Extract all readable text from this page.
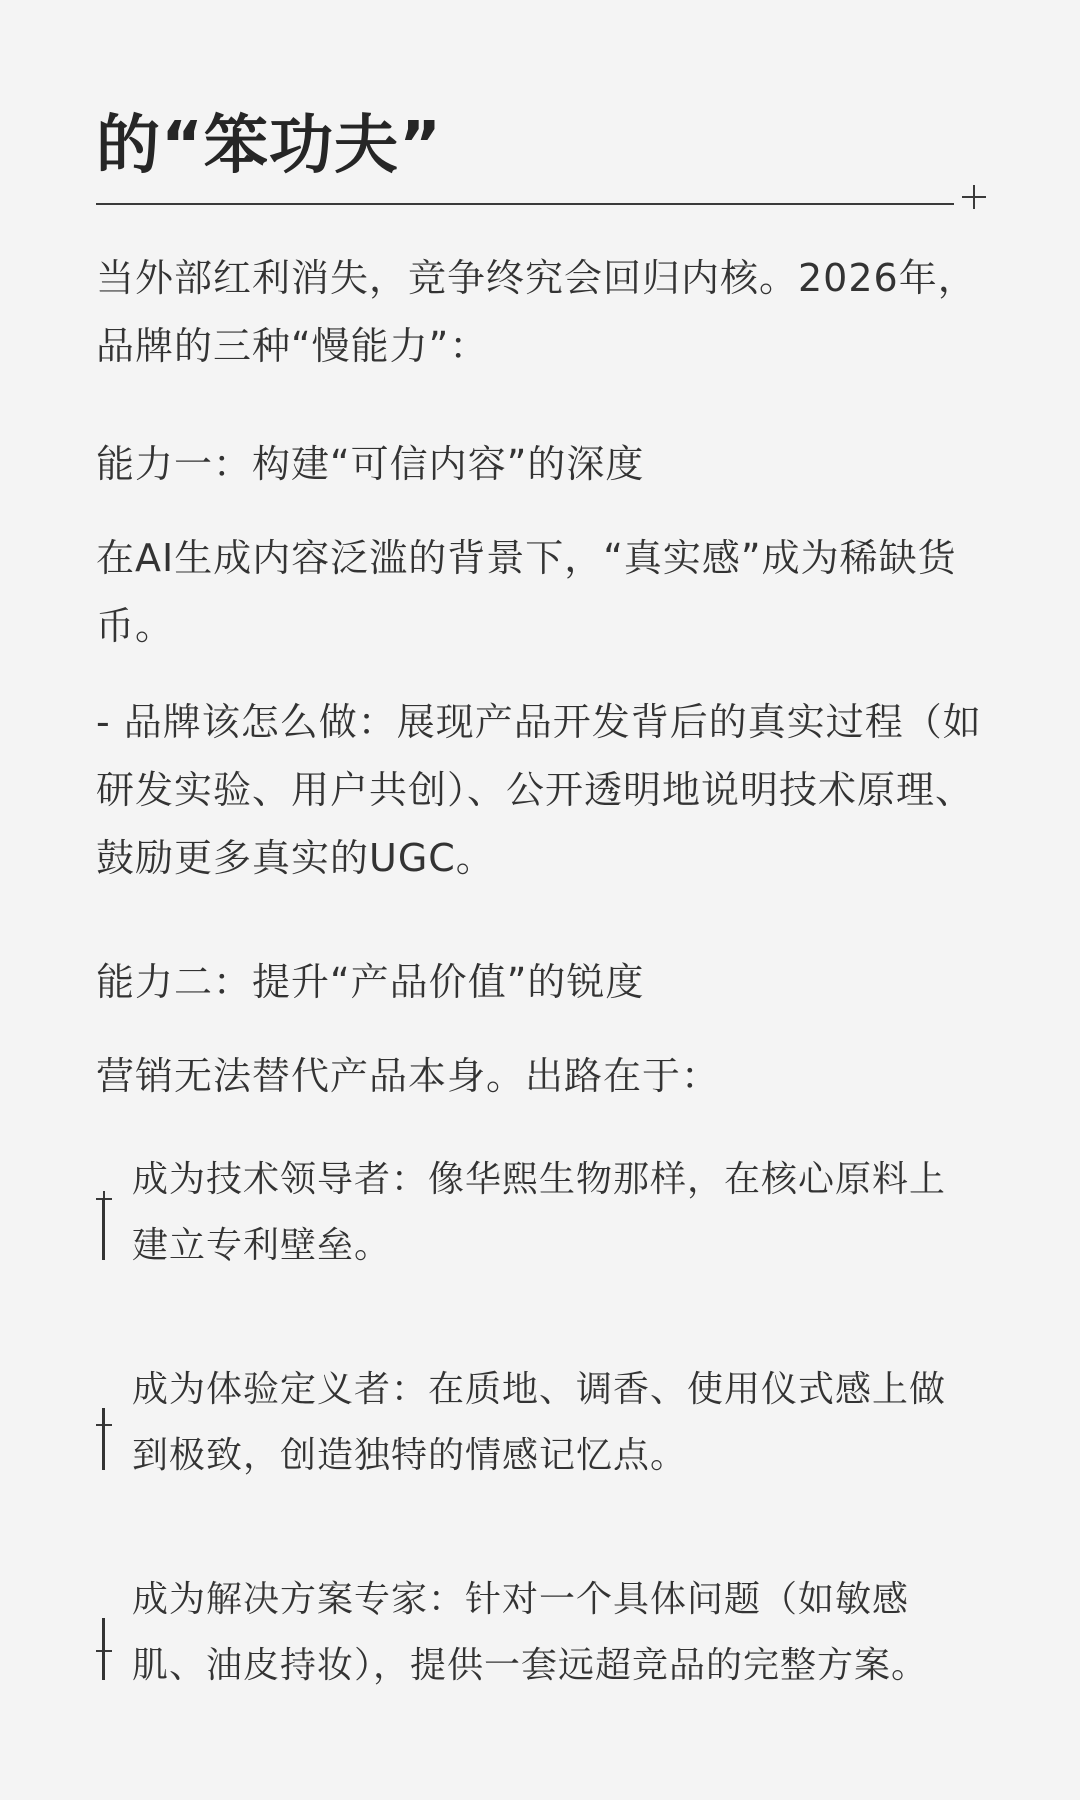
的“笨功夫”
当外部红利消失，竞争终究会回归内核。2026年，品牌的三种“慢能力”：
能力一：构建“可信内容”的深度
在AI生成内容泛滥的背景下，“真实感”成为稀缺货币。
- 品牌该怎么做：展现产品开发背后的真实过程（如研发实验、用户共创）、公开透明地说明技术原理、鼓励更多真实的UGC。
能力二：提升“产品价值”的锐度
营销无法替代产品本身。出路在于：
成为技术领导者：像华熙生物那样，在核心原料上建立专利壁垒。
成为体验定义者：在质地、调香、使用仪式感上做到极致，创造独特的情感记忆点。
成为解决方案专家：针对一个具体问题（如敏感肌、油皮持妆），提供一套远超竞品的完整方案。
